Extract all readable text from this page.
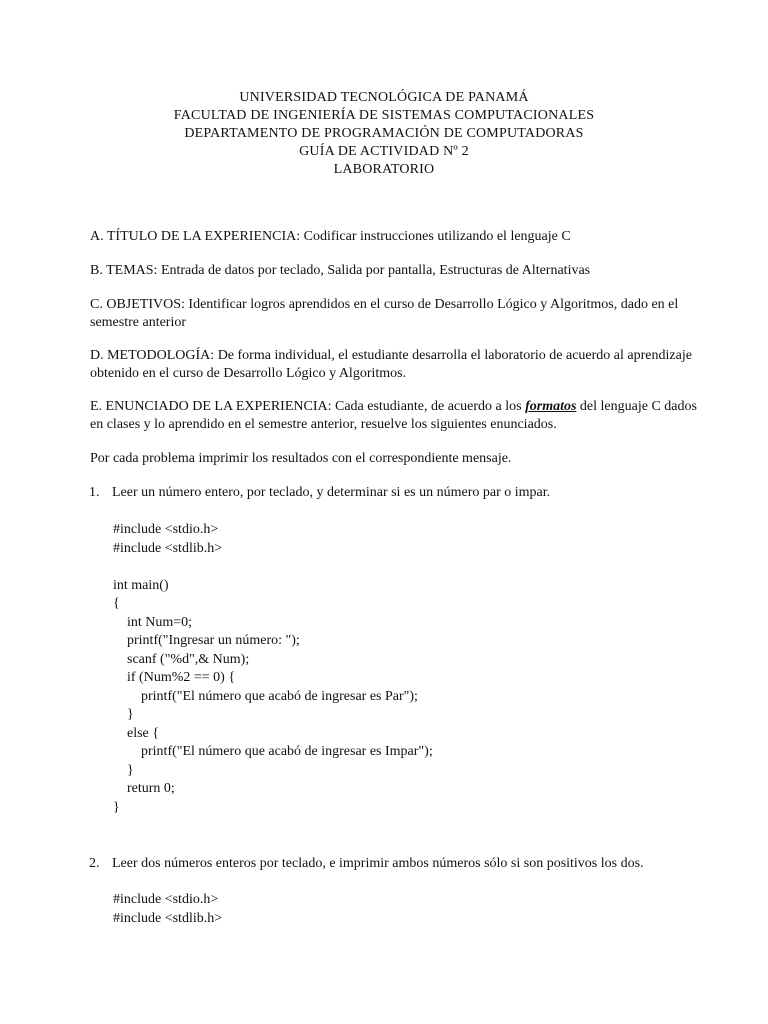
UNIVERSIDAD TECNOLÓGICA DE PANAMÁ
FACULTAD DE INGENIERÍA DE SISTEMAS COMPUTACIONALES
DEPARTAMENTO DE PROGRAMACIÓN DE COMPUTADORAS
GUÍA DE ACTIVIDAD Nº 2
LABORATORIO
A. TÍTULO DE LA EXPERIENCIA: Codificar instrucciones utilizando el lenguaje C
B. TEMAS: Entrada de datos por teclado, Salida por pantalla, Estructuras de Alternativas
C. OBJETIVOS: Identificar logros aprendidos en el curso de Desarrollo Lógico y Algoritmos, dado en el semestre anterior
D. METODOLOGÍA: De forma individual, el estudiante desarrolla el laboratorio de acuerdo al aprendizaje obtenido en el curso de Desarrollo Lógico y Algoritmos.
E. ENUNCIADO DE LA EXPERIENCIA: Cada estudiante, de acuerdo a los formatos del lenguaje C dados en clases y lo aprendido en el semestre anterior, resuelve los siguientes enunciados.
Por cada problema imprimir los resultados con el correspondiente mensaje.
1. Leer un número entero, por teclado, y determinar si es un número par o impar.
#include <stdio.h>
#include <stdlib.h>
int main()
{
int Num=0;
printf("Ingresar un número: ");
scanf ("%d",& Num);
if (Num%2 == 0) {
printf("El número que acabó de ingresar es Par");
}
else {
printf("El número que acabó de ingresar es Impar");
}
return 0;
}
2. Leer dos números enteros por teclado, e imprimir ambos números sólo si son positivos los dos.
#include <stdio.h>
#include <stdlib.h>
